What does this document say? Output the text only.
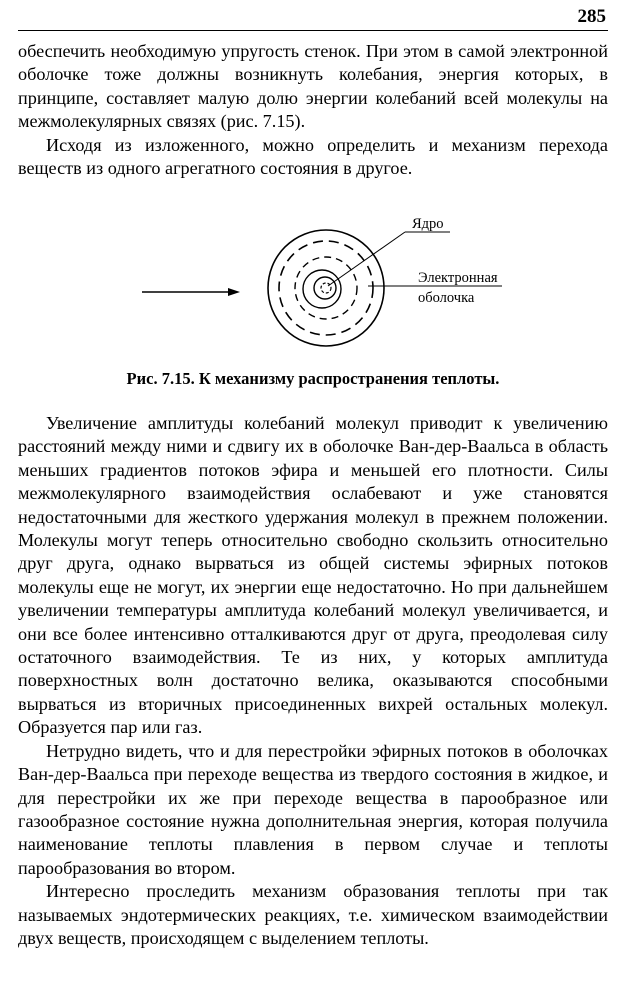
285

обеспечить необходимую упругость стенок. При этом в самой электронной оболочке тоже должны возникнуть колебания, энергия которых, в принципе, составляет малую долю энергии колебаний всей молекулы на межмолекулярных связях (рис. 7.15).

Исходя из изложенного, можно определить и механизм перехода веществ из одного агрегатного состояния в другое.

Ядро
Электронная
оболочка
Рис. 7.15. К механизму распространения теплоты.

Увеличение амплитуды колебаний молекул приводит к увеличению расстояний между ними и сдвигу их в оболочке Ван-дер-Ваальса в область меньших градиентов потоков эфира и меньшей его плотности. Силы межмолекулярного взаимодействия ослабевают и уже становятся недостаточными для жесткого удержания молекул в прежнем положении. Молекулы могут теперь относительно свободно скользить относительно друг друга, однако вырваться из общей системы эфирных потоков молекулы еще не могут, их энергии еще недостаточно. Но при дальнейшем увеличении температуры амплитуда колебаний молекул увеличивается, и они все более интенсивно отталкиваются друг от друга, преодолевая силу остаточного взаимодействия. Те из них, у которых амплитуда поверхностных волн достаточно велика, оказываются способными вырваться из вторичных присоединенных вихрей остальных молекул. Образуется пар или газ.

Нетрудно видеть, что и для перестройки эфирных потоков в оболочках Ван-дер-Ваальса при переходе вещества из твердого состояния в жидкое, и для перестройки их же при переходе вещества в парообразное или газообразное состояние нужна дополнительная энергия, которая получила наименование теплоты плавления в первом случае и теплоты парообразования во втором.

Интересно проследить механизм образования теплоты при так называемых эндотермических реакциях, т.е. химическом взаимодействии двух веществ, происходящем с выделением теплоты.
